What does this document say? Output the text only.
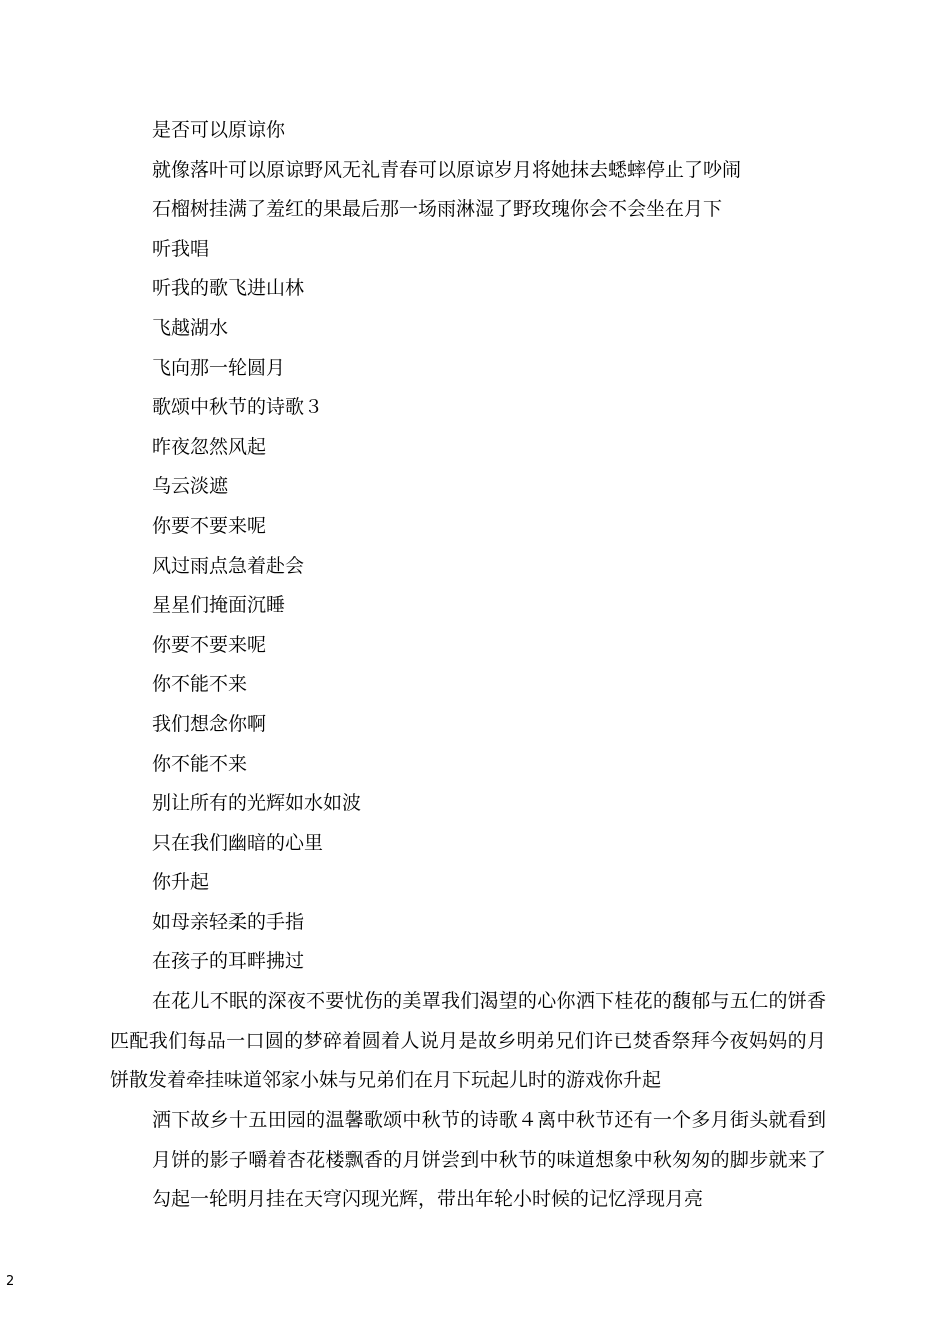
是否可以原谅你
就像落叶可以原谅野风无礼青春可以原谅岁月将她抹去蟋蟀停止了吵闹
石榴树挂满了羞红的果最后那一场雨淋湿了野玫瑰你会不会坐在月下
听我唱
听我的歌飞进山林
飞越湖水
飞向那一轮圆月
歌颂中秋节的诗歌３
昨夜忽然风起
乌云淡遮
你要不要来呢
风过雨点急着赴会
星星们掩面沉睡
你要不要来呢
你不能不来
我们想念你啊
你不能不来
别让所有的光辉如水如波
只在我们幽暗的心里
你升起
如母亲轻柔的手指
在孩子的耳畔拂过

在花儿不眠的深夜不要忧伤的美罩我们渴望的心你洒下桂花的馥郁与五仁的饼香匹配我们每品一口圆的梦碎着圆着人说月是故乡明弟兄们许已焚香祭拜今夜妈妈的月饼散发着牵挂味道邻家小妹与兄弟们在月下玩起儿时的游戏你升起

洒下故乡十五田园的温馨歌颂中秋节的诗歌４离中秋节还有一个多月街头就看到月饼的影子嚼着杏花楼飘香的月饼尝到中秋节的味道想象中秋匆匆的脚步就来了勾起一轮明月挂在天穹闪现光辉，带出年轮小时候的记忆浮现月亮

2
